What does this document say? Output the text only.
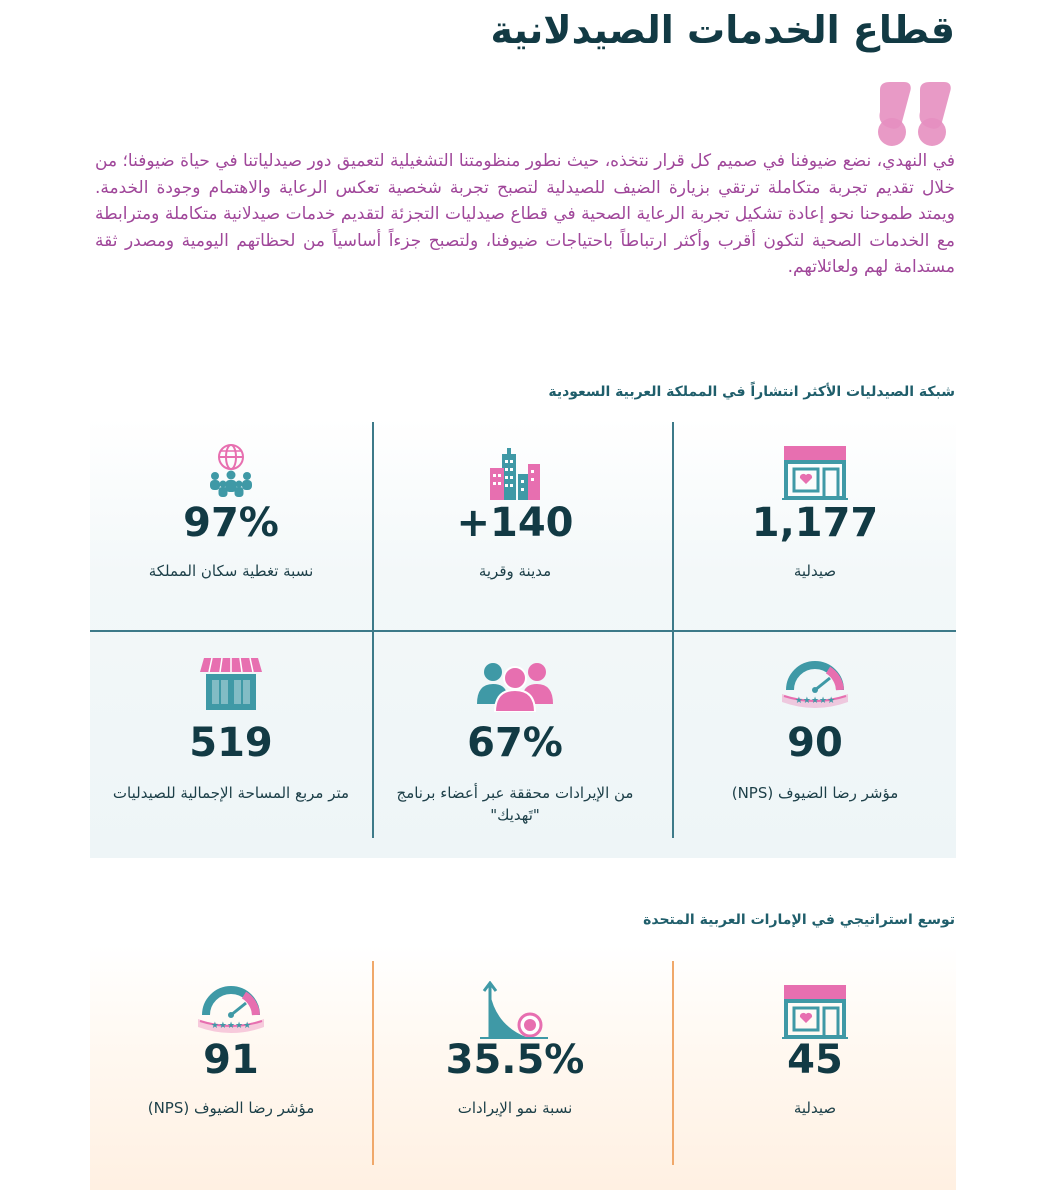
قطاع الخدمات الصيدلانية

في النهدي، نضع ضيوفنا في صميم كل قرار نتخذه، حيث نطور منظومتنا التشغيلية لتعميق دور صيدلياتنا في حياة ضيوفنا؛ من خلال تقديم تجربة متكاملة ترتقي بزيارة الضيف للصيدلية لتصبح تجربة شخصية تعكس الرعاية والاهتمام وجودة الخدمة. ويمتد طموحنا نحو إعادة تشكيل تجربة الرعاية الصحية في قطاع صيدليات التجزئة لتقديم خدمات صيدلانية متكاملة ومترابطة مع الخدمات الصحية لتكون أقرب وأكثر ارتباطاً باحتياجات ضيوفنا، ولتصبح جزءاً أساسياً من لحظاتهم اليومية ومصدر ثقة مستدامة لهم ولعائلاتهم.

شبكة الصيدليات الأكثر انتشاراً في المملكة العربية السعودية
1,177
صيدلية
+140
مدينة وقرية
97%
نسبة تغطية سكان المملكة
★★★★★
90
مؤشر رضا الضيوف (NPS)
67%
من الإيرادات محققة عبر أعضاء برنامج "تَهديك"
519
متر مربع المساحة الإجمالية للصيدليات
توسع استراتيجي في الإمارات العربية المتحدة
45
صيدلية
35.5%
نسبة نمو الإيرادات
★★★★★
91
مؤشر رضا الضيوف (NPS)
